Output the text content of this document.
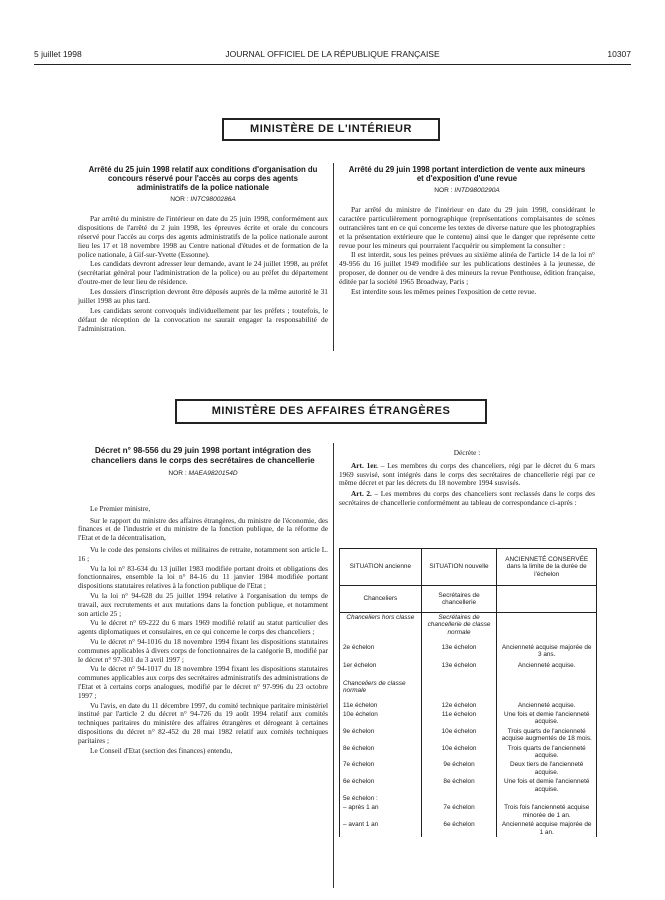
5 juillet 1998	JOURNAL OFFICIEL DE LA RÉPUBLIQUE FRANÇAISE	10307
MINISTÈRE DE L'INTÉRIEUR
Arrêté du 25 juin 1998 relatif aux conditions d'organisation du concours réservé pour l'accès au corps des agents administratifs de la police nationale
NOR : INTC9800286A

Par arrêté du ministre de l'intérieur en date du 25 juin 1998, conformément aux dispositions de l'arrêté du 2 juin 1998, les épreuves écrite et orale du concours réservé pour l'accès au corps des agents administratifs de la police nationale auront lieu les 17 et 18 novembre 1998 au Centre national d'études et de formation de la police nationale, à Gif-sur-Yvette (Essonne).

Les candidats devront adresser leur demande, avant le 24 juillet 1998, au préfet (secrétariat général pour l'administration de la police) ou au préfet du département d'outre-mer de leur lieu de résidence.

Les dossiers d'inscription devront être déposés auprès de la même autorité le 31 juillet 1998 au plus tard.

Les candidats seront convoqués individuellement par les préfets ; toutefois, le défaut de réception de la convocation ne saurait engager la responsabilité de l'administration.

Arrêté du 29 juin 1998 portant interdiction de vente aux mineurs et d'exposition d'une revue
NOR : INTD9800290A

Par arrêté du ministre de l'intérieur en date du 29 juin 1998, considérant le caractère particulièrement pornographique (représentations complaisantes de scènes outrancières tant en ce qui concerne les textes de diverse nature que les photographies et la présentation extérieure que le contenu) ainsi que le danger que représente cette revue pour les mineurs qui pourraient l'acquérir ou simplement la consulter :

Il est interdit, sous les peines prévues au sixième alinéa de l'article 14 de la loi n° 49-956 du 16 juillet 1949 modifiée sur les publications destinées à la jeunesse, de proposer, de donner ou de vendre à des mineurs la revue Penthouse, édition française, éditée par la société 1965 Broadway, Paris ;

Est interdite sous les mêmes peines l'exposition de cette revue.

MINISTÈRE DES AFFAIRES ÉTRANGÈRES
Décret n° 98-556 du 29 juin 1998 portant intégration des chanceliers dans le corps des secrétaires de chancellerie
NOR : MAEA9820154D

Le Premier ministre,

Sur le rapport du ministre des affaires étrangères, du ministre de l'économie, des finances et de l'industrie et du ministre de la fonction publique, de la réforme de l'Etat et de la décentralisation,

Vu le code des pensions civiles et militaires de retraite, notamment son article L. 16 ;

Vu la loi n° 83-634 du 13 juillet 1983 modifiée portant droits et obligations des fonctionnaires, ensemble la loi n° 84-16 du 11 janvier 1984 modifiée portant dispositions statutaires relatives à la fonction publique de l'Etat ;

Vu la loi n° 94-628 du 25 juillet 1994 relative à l'organisation du temps de travail, aux recrutements et aux mutations dans la fonction publique, et notamment son article 25 ;

Vu le décret n° 69-222 du 6 mars 1969 modifié relatif au statut particulier des agents diplomatiques et consulaires, en ce qui concerne le corps des chanceliers ;

Vu le décret n° 94-1016 du 18 novembre 1994 fixant les dispositions statutaires communes applicables à divers corps de fonctionnaires de la catégorie B, modifié par le décret n° 97-301 du 3 avril 1997 ;

Vu le décret n° 94-1017 du 18 novembre 1994 fixant les dispositions statutaires communes applicables aux corps des secrétaires administratifs des administrations de l'Etat et à certains corps analogues, modifié par le décret n° 97-996 du 23 octobre 1997 ;

Vu l'avis, en date du 11 décembre 1997, du comité technique paritaire ministériel institué par l'article 2 du décret n° 94-726 du 19 août 1994 relatif aux comités techniques paritaires du ministère des affaires étrangères et dérogeant à certaines dispositions du décret n° 82-452 du 28 mai 1982 relatif aux comités techniques paritaires ;

Le Conseil d'Etat (section des finances) entendu,

Décrète :

Art. 1er. – Les membres du corps des chanceliers, régi par le décret du 6 mars 1969 susvisé, sont intégrés dans le corps des secrétaires de chancellerie régi par ce même décret et par les décrets du 18 novembre 1994 susvisés.

Art. 2. – Les membres du corps des chanceliers sont reclassés dans le corps des secrétaires de chancellerie conformément au tableau de correspondance ci-après :

SITUATION ancienne	SITUATION nouvelle	ANCIENNETÉ CONSERVÉE dans la limite de la durée de l'échelon
Chanceliers	Secrétaires de chancellerie	
Chanceliers hors classe	Secrétaires de chancellerie de classe normale	
2e échelon	13e échelon	Ancienneté acquise majorée de 3 ans.
1er échelon	13e échelon	Ancienneté acquise.
Chanceliers de classe normale		
11e échelon	12e échelon	Ancienneté acquise.
10e échelon	11e échelon	Une fois et demie l'ancienneté acquise.
9e échelon	10e échelon	Trois quarts de l'ancienneté acquise augmentés de 18 mois.
8e échelon	10e échelon	Trois quarts de l'ancienneté acquise.
7e échelon	9e échelon	Deux tiers de l'ancienneté acquise.
6e échelon	8e échelon	Une fois et demie l'ancienneté acquise.
5e échelon :		
– après 1 an	7e échelon	Trois fois l'ancienneté acquise minorée de 1 an.
– avant 1 an	6e échelon	Ancienneté acquise majorée de 1 an.
